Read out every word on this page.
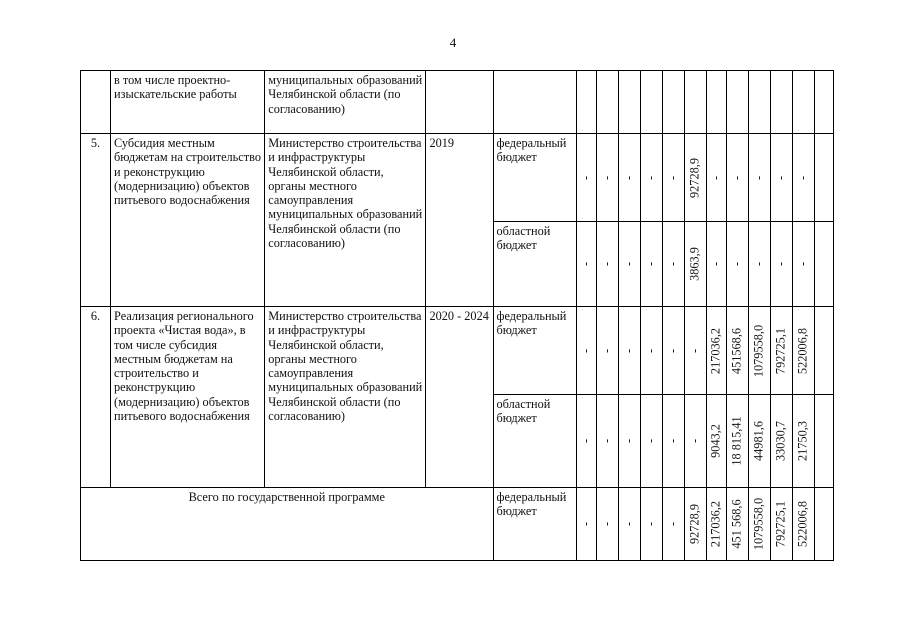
4
	в том числе проектно-изыскательские работы	муниципальных образований Челябинской области (по согласованию)														
5.	Субсидия местным бюджетам на строительство и реконструкцию (модернизацию) объектов питьевого водоснабжения	Министерство строительства и инфраструктуры Челябинской области, органы местного самоуправления муниципальных образований Челябинской области (по согласованию)	2019	федеральный бюджет	-	-	-	-	-	92728,9	-	-	-	-	-	

				областной бюджет	-	-	-	-	-	3863,9	-	-	-	-	-	

6.	Реализация регионального проекта «Чистая вода», в том числе субсидия местным бюджетам на строительство и реконструкцию (модернизацию) объектов питьевого водоснабжения	Министерство строительства и инфраструктуры Челябинской области, органы местного самоуправления муниципальных образований Челябинской области (по согласованию)	2020 - 2024	федеральный бюджет	-	-	-	-	-	-	217036,2	451568,6	1079558,0	792725,1	522006,8	

				областной бюджет	-	-	-	-	-	-	9043,2	18 815,41	44981,6	33030,7	21750,3	

Всего по государственной программе				федеральный бюджет	-	-	-	-	-	92728,9	217036,2	451 568,6	1079558,0	792725,1	522006,8	
